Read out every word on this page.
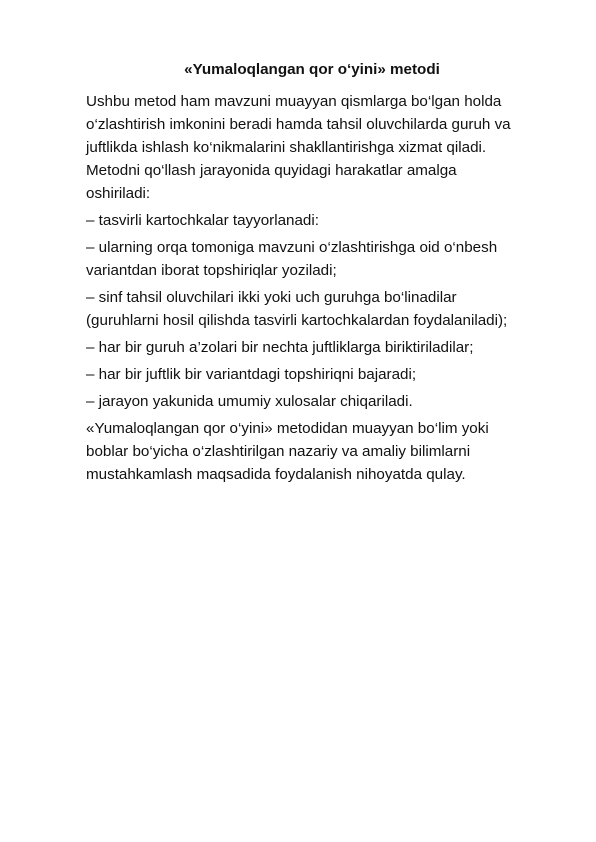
«Yumaloqlangan qor o‘yini» metodi

Ushbu metod ham mavzuni muayyan qismlarga bo‘lgan holda
o‘zlashtirish imkonini beradi hamda tahsil oluvchilarda guruh va
juftlikda ishlash ko‘nikmalarini shakllantirishga xizmat qiladi.
Metodni qo‘llash jarayonida quyidagi harakatlar amalga
oshiriladi:

– tasvirli kartochkalar tayyorlanadi:

– ularning orqa tomoniga mavzuni o‘zlashtirishga oid o‘nbesh
variantdan iborat topshiriqlar yoziladi;

– sinf tahsil oluvchilari ikki yoki uch guruhga bo‘linadilar
(guruhlarni hosil qilishda tasvirli kartochkalardan foydalaniladi);

– har bir guruh a’zolari bir nechta juftliklarga biriktiriladilar;

– har bir juftlik bir variantdagi topshiriqni bajaradi;

– jarayon yakunida umumiy xulosalar chiqariladi.

«Yumaloqlangan qor o‘yini» metodidan muayyan bo‘lim yoki
boblar bo‘yicha o‘zlashtirilgan nazariy va amaliy bilimlarni
mustahkamlash maqsadida foydalanish nihoyatda qulay.
